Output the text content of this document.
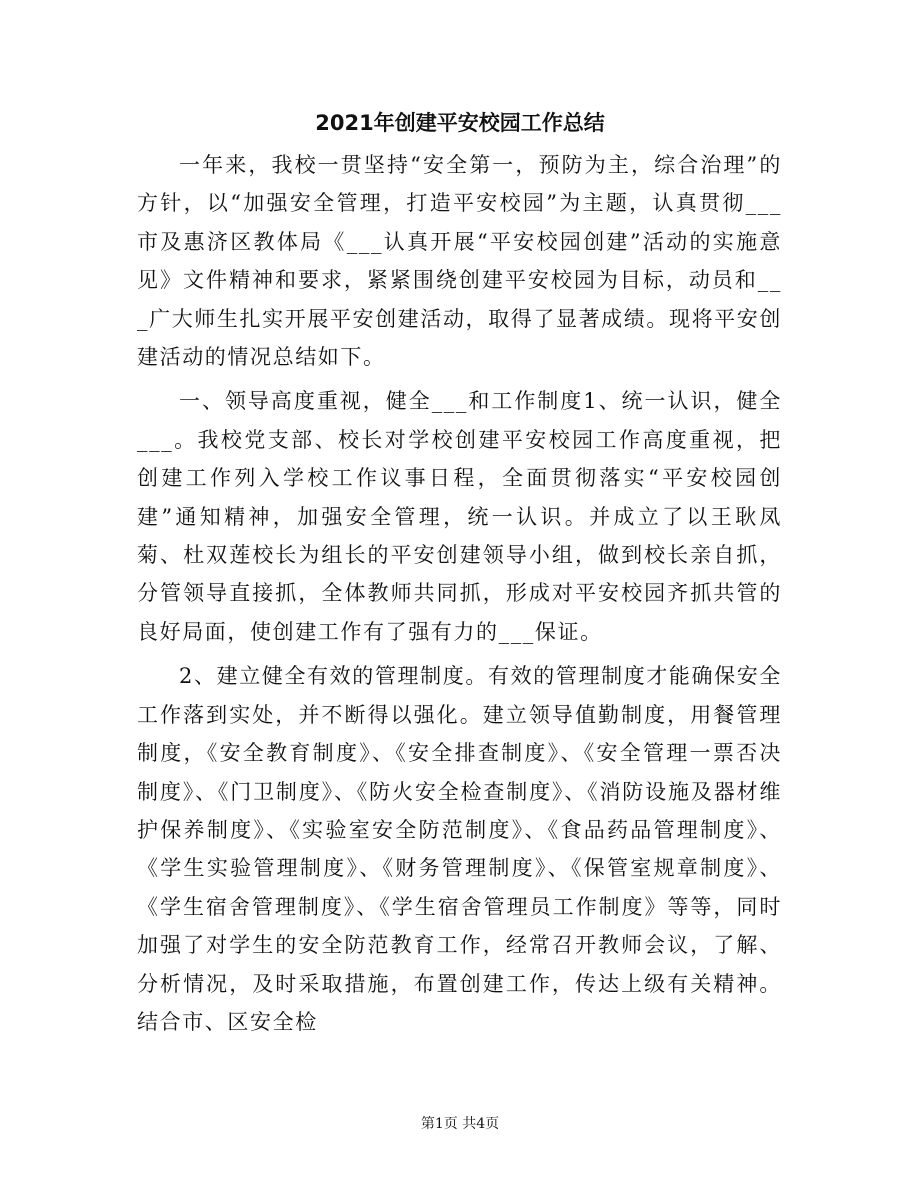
2021年创建平安校园工作总结

一年来，我校一贯坚持“安全第一，预防为主，综合治理”的方针，以“加强安全管理，打造平安校园”为主题，认真贯彻___市及惠济区教体局《___认真开展“平安校园创建”活动的实施意见》文件精神和要求，紧紧围绕创建平安校园为目标，动员和___广大师生扎实开展平安创建活动，取得了显著成绩。现将平安创建活动的情况总结如下。

一、领导高度重视，健全___和工作制度1、统一认识，健全___。我校党支部、校长对学校创建平安校园工作高度重视，把创建工作列入学校工作议事日程，全面贯彻落实“平安校园创建”通知精神，加强安全管理，统一认识。并成立了以王耿凤菊、杜双莲校长为组长的平安创建领导小组，做到校长亲自抓，分管领导直接抓，全体教师共同抓，形成对平安校园齐抓共管的良好局面，使创建工作有了强有力的___保证。

2、建立健全有效的管理制度。有效的管理制度才能确保安全工作落到实处，并不断得以强化。建立领导值勤制度，用餐管理制度，《安全教育制度》、《安全排查制度》、《安全管理一票否决制度》、《门卫制度》、《防火安全检查制度》、《消防设施及器材维护保养制度》、《实验室安全防范制度》、《食品药品管理制度》、《学生实验管理制度》、《财务管理制度》、《保管室规章制度》、《学生宿舍管理制度》、《学生宿舍管理员工作制度》等等，同时加强了对学生的安全防范教育工作，经常召开教师会议，了解、分析情况，及时采取措施，布置创建工作，传达上级有关精神。结合市、区安全检

第1页 共4页
